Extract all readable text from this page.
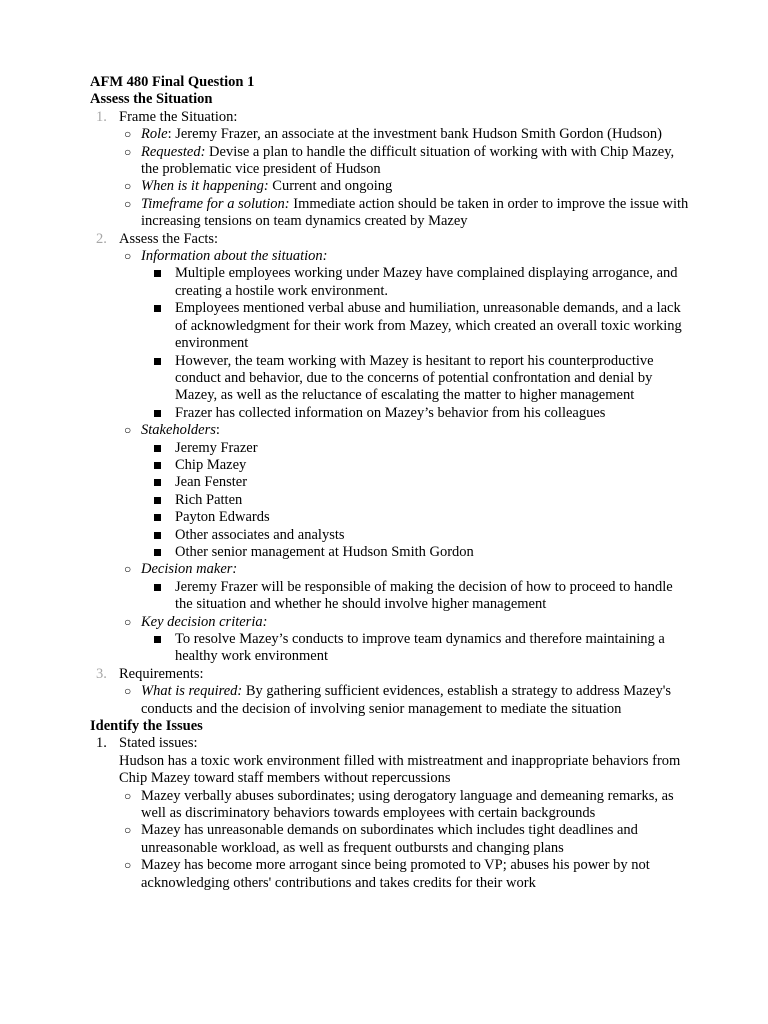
AFM 480 Final Question 1
Assess the Situation
1. Frame the Situation:
○ Role: Jeremy Frazer, an associate at the investment bank Hudson Smith Gordon (Hudson)
○ Requested: Devise a plan to handle the difficult situation of working with with Chip Mazey, the problematic vice president of Hudson
○ When is it happening: Current and ongoing
○ Timeframe for a solution: Immediate action should be taken in order to improve the issue with increasing tensions on team dynamics created by Mazey
2. Assess the Facts:
○ Information about the situation:
Multiple employees working under Mazey have complained displaying arrogance, and creating a hostile work environment.
Employees mentioned verbal abuse and humiliation, unreasonable demands, and a lack of acknowledgment for their work from Mazey, which created an overall toxic working environment
However, the team working with Mazey is hesitant to report his counterproductive conduct and behavior, due to the concerns of potential confrontation and denial by Mazey, as well as the reluctance of escalating the matter to higher management
Frazer has collected information on Mazey’s behavior from his colleagues
○ Stakeholders:
Jeremy Frazer
Chip Mazey
Jean Fenster
Rich Patten
Payton Edwards
Other associates and analysts
Other senior management at Hudson Smith Gordon
○ Decision maker:
Jeremy Frazer will be responsible of making the decision of how to proceed to handle the situation and whether he should involve higher management
○ Key decision criteria:
To resolve Mazey’s conducts to improve team dynamics and therefore maintaining a healthy work environment
3. Requirements:
○ What is required: By gathering sufficient evidences, establish a strategy to address Mazey's conducts and the decision of involving senior management to mediate the situation
Identify the Issues
1. Stated issues:
Hudson has a toxic work environment filled with mistreatment and inappropriate behaviors from Chip Mazey toward staff members without repercussions
○ Mazey verbally abuses subordinates; using derogatory language and demeaning remarks, as well as discriminatory behaviors towards employees with certain backgrounds
○ Mazey has unreasonable demands on subordinates which includes tight deadlines and unreasonable workload, as well as frequent outbursts and changing plans
○ Mazey has become more arrogant since being promoted to VP; abuses his power by not acknowledging others' contributions and takes credits for their work
